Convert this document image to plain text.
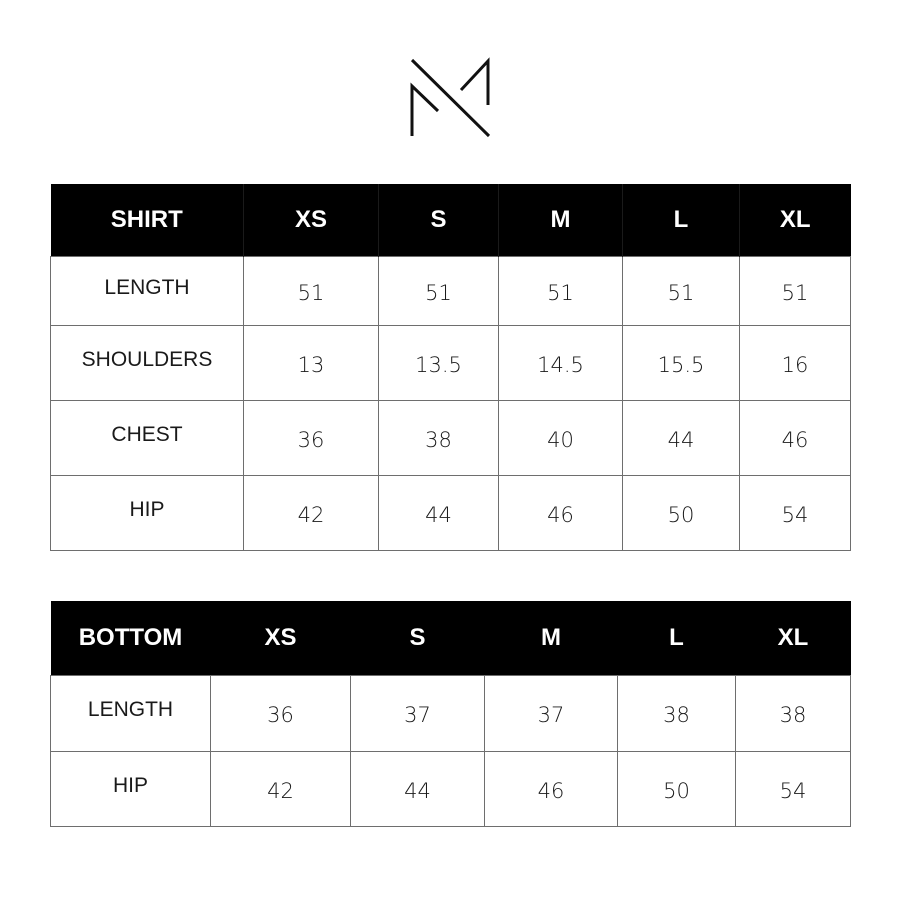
SHIRT	XS	S	M	L	XL
LENGTH	51	51	51	51	51
SHOULDERS	13	13.5	14.5	15.5	16
CHEST	36	38	40	44	46
HIP	42	44	46	50	54
BOTTOM	XS	S	M	L	XL
LENGTH	36	37	37	38	38
HIP	42	44	46	50	54
